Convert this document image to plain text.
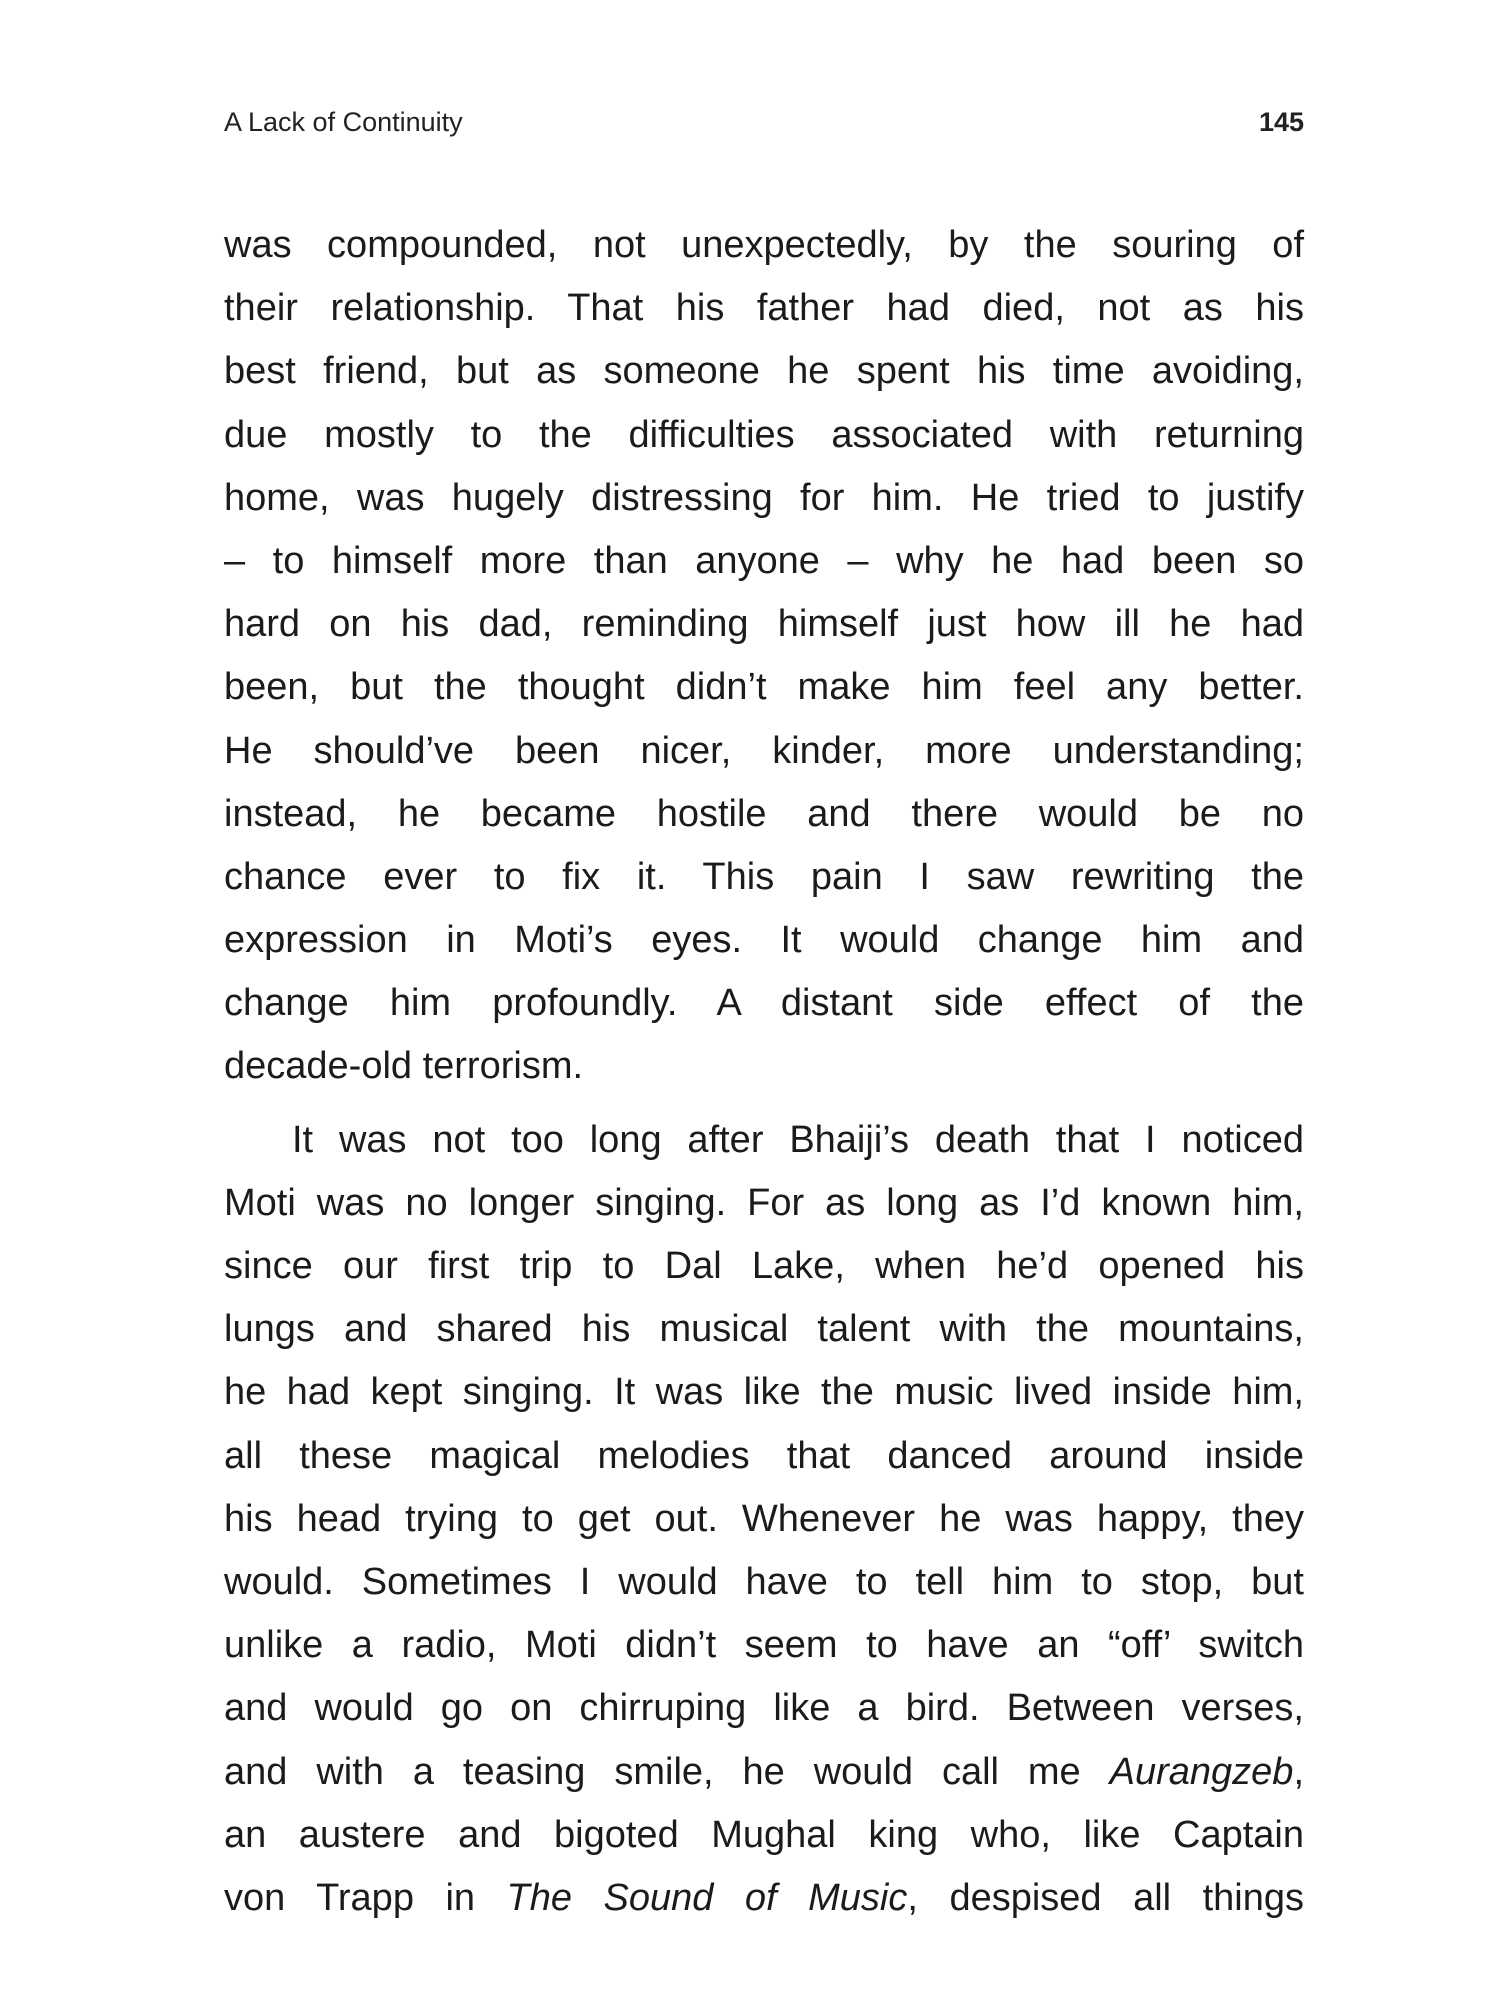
A Lack of Continuity	145
was compounded, not unexpectedly, by the souring of
their relationship. That his father had died, not as his
best friend, but as someone he spent his time avoiding,
due mostly to the difficulties associated with returning
home, was hugely distressing for him. He tried to justify
– to himself more than anyone – why he had been so
hard on his dad, reminding himself just how ill he had
been, but the thought didn’t make him feel any better.
He should’ve been nicer, kinder, more understanding;
instead, he became hostile and there would be no
chance ever to fix it. This pain I saw rewriting the
expression in Moti’s eyes. It would change him and
change him profoundly. A distant side effect of the
decade-old terrorism.
It was not too long after Bhaiji’s death that I noticed
Moti was no longer singing. For as long as I’d known him,
since our first trip to Dal Lake, when he’d opened his
lungs and shared his musical talent with the mountains,
he had kept singing. It was like the music lived inside him,
all these magical melodies that danced around inside
his head trying to get out. Whenever he was happy, they
would. Sometimes I would have to tell him to stop, but
unlike a radio, Moti didn’t seem to have an “off’ switch
and would go on chirruping like a bird. Between verses,
and with a teasing smile, he would call me Aurangzeb,
an austere and bigoted Mughal king who, like Captain
von Trapp in The Sound of Music, despised all things
